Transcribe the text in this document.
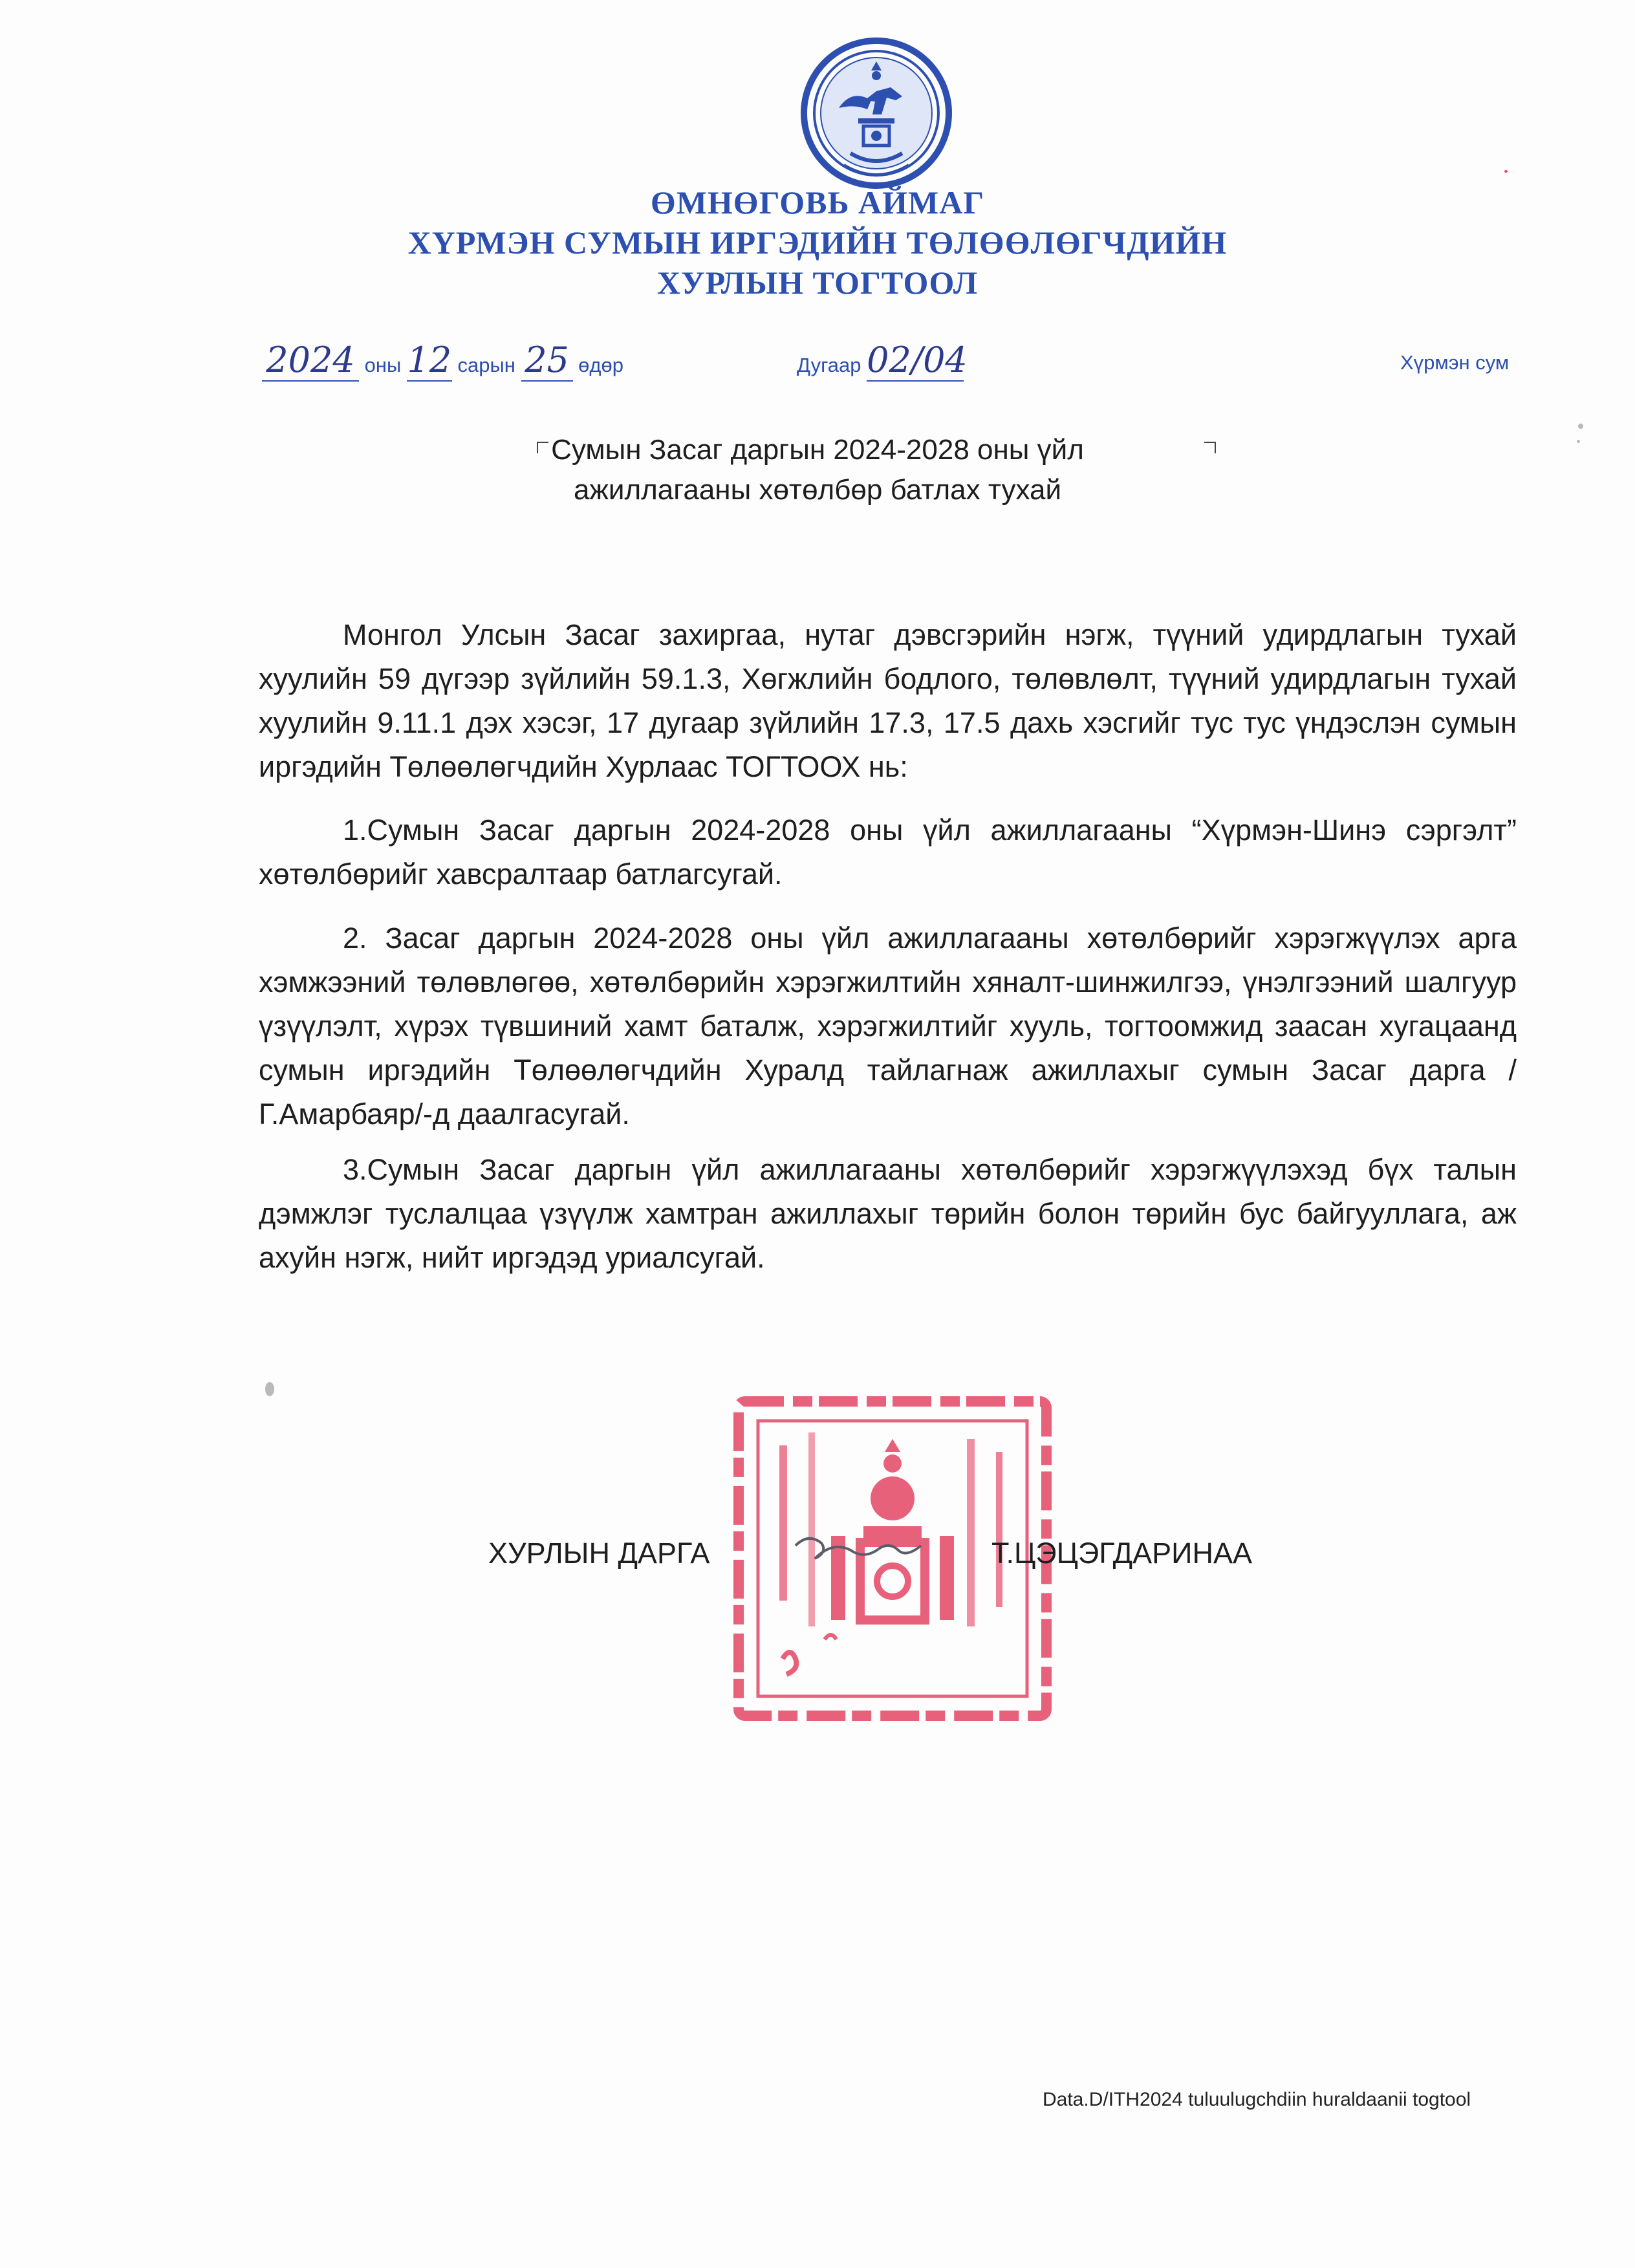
ӨМНӨГОВЬ АЙМАГ
ХҮРМЭН СУМЫН ИРГЭДИЙН ТӨЛӨӨЛӨГЧДИЙН
ХУРЛЫН ТОГТООЛ
2024 оны 12 сарын 25 өдөр	Дугаар 02/04	Хүрмэн сум
Сумын Засаг даргын 2024-2028 оны үйл
ажиллагааны хөтөлбөр батлах тухай
Монгол Улсын Засаг захиргаа, нутаг дэвсгэрийн нэгж, түүний удирдлагын тухай хуулийн 59 дүгээр зүйлийн 59.1.3, Хөгжлийн бодлого, төлөвлөлт, түүний удирдлагын тухай хуулийн 9.11.1 дэх хэсэг, 17 дугаар зүйлийн 17.3, 17.5 дахь хэсгийг тус тус үндэслэн сумын иргэдийн Төлөөлөгчдийн Хурлаас ТОГТООХ нь:
1.Сумын Засаг даргын 2024-2028 оны үйл ажиллагааны “Хүрмэн-Шинэ сэргэлт” хөтөлбөрийг хавсралтаар батлагсугай.
2. Засаг даргын 2024-2028 оны үйл ажиллагааны хөтөлбөрийг хэрэгжүүлэх арга хэмжээний төлөвлөгөө, хөтөлбөрийн хэрэгжилтийн хяналт-шинжилгээ, үнэлгээний шалгуур үзүүлэлт, хүрэх түвшиний хамт баталж, хэрэгжилтийг хууль, тогтоомжид заасан хугацаанд сумын иргэдийн Төлөөлөгчдийн Хуралд тайлагнаж ажиллахыг сумын Засаг дарга /Г.Амарбаяр/-д даалгасугай.
3.Сумын Засаг даргын үйл ажиллагааны хөтөлбөрийг хэрэгжүүлэхэд бүх талын дэмжлэг туслалцаа үзүүлж хамтран ажиллахыг төрийн болон төрийн бус байгууллага, аж ахуйн нэгж, нийт иргэдэд уриалсугай.
ХУРЛЫН ДАРГА	Т.ЦЭЦЭГДАРИНАА
Data.D/ITH2024 tuluulugchdiin huraldaanii togtool
